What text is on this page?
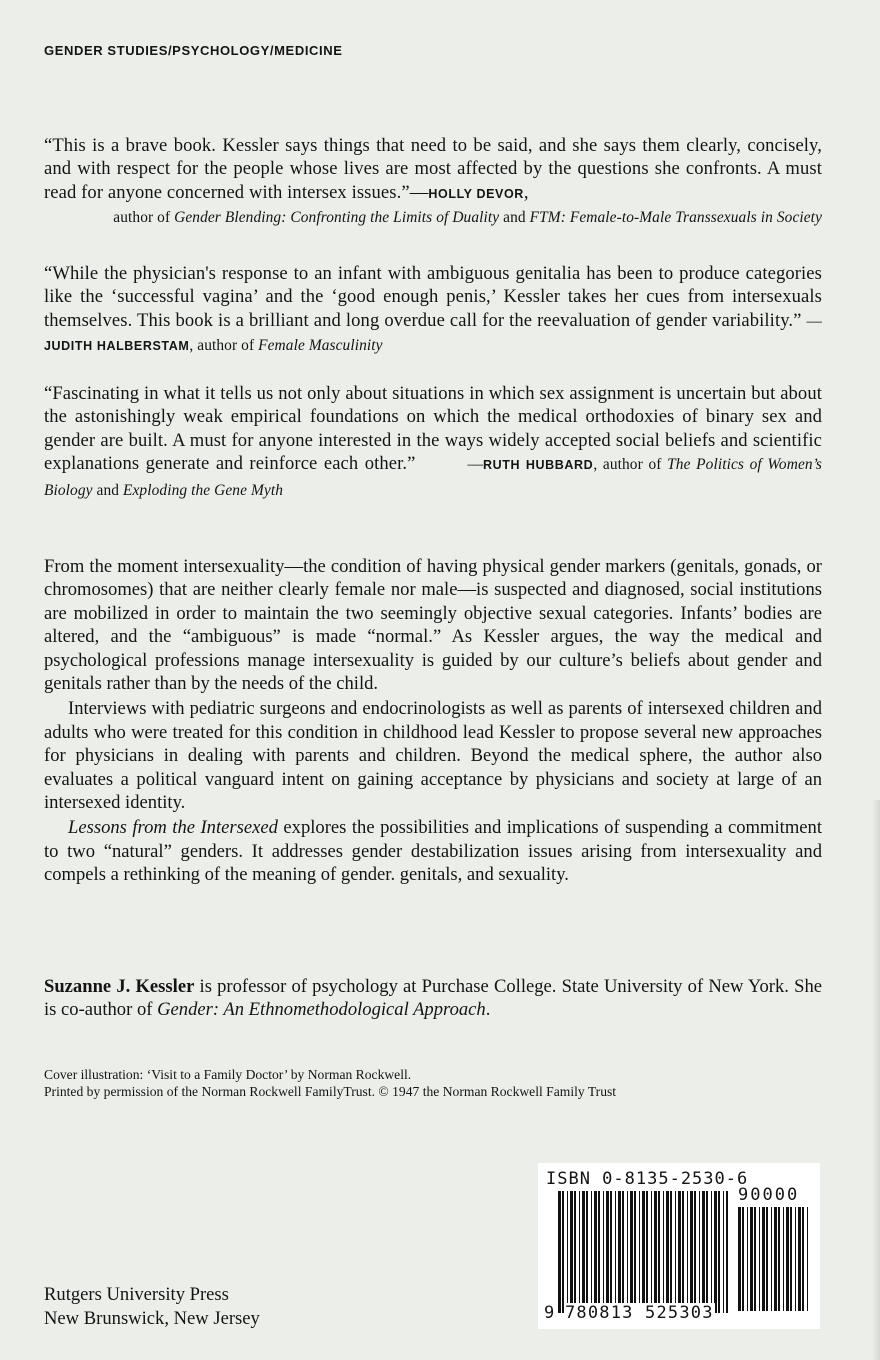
GENDER STUDIES/PSYCHOLOGY/MEDICINE
“This is a brave book. Kessler says things that need to be said, and she says them clearly, concisely, and with respect for the people whose lives are most affected by the questions she confronts. A must read for anyone concerned with intersex issues.”—HOLLY DEVOR,
author of Gender Blending: Confronting the Limits of Duality and FTM: Female-to-Male Transsexuals in Society
“While the physician's response to an infant with ambiguous genitalia has been to produce categories like the ‘successful vagina’ and the ‘good enough penis,’ Kessler takes her cues from intersexuals themselves. This book is a brilliant and long overdue call for the reevaluation of gender variability.” —JUDITH HALBERSTAM, author of Female Masculinity
“Fascinating in what it tells us not only about situations in which sex assignment is uncertain but about the astonishingly weak empirical foundations on which the medical orthodoxies of binary sex and gender are built. A must for anyone interested in the ways widely accepted social beliefs and scientific explanations generate and reinforce each other.”	—RUTH HUBBARD, author of The Politics of Women’s Biology and Exploding the Gene Myth

From the moment intersexuality—the condition of having physical gender markers (genitals, gonads, or chromosomes) that are neither clearly female nor male—is suspected and diagnosed, social institutions are mobilized in order to maintain the two seemingly objective sexual categories. Infants’ bodies are altered, and the “ambiguous” is made “normal.” As Kessler argues, the way the medical and psychological professions manage intersexuality is guided by our culture’s beliefs about gender and genitals rather than by the needs of the child.

Interviews with pediatric surgeons and endocrinologists as well as parents of intersexed children and adults who were treated for this condition in childhood lead Kessler to propose several new approaches for physicians in dealing with parents and children. Beyond the medical sphere, the author also evaluates a political vanguard intent on gaining acceptance by physicians and society at large of an intersexed identity.

Lessons from the Intersexed explores the possibilities and implications of suspending a commitment to two “natural” genders. It addresses gender destabilization issues arising from intersexuality and compels a rethinking of the meaning of gender. genitals, and sexuality.

Suzanne J. Kessler is professor of psychology at Purchase College. State University of New York. She is co-author of Gender: An Ethnomethodological Approach.
Cover illustration: ‘Visit to a Family Doctor’ by Norman Rockwell.
Printed by permission of the Norman Rockwell FamilyTrust. © 1947 the Norman Rockwell Family Trust
ISBN 0-8135-2530-6
90000
9 780813 525303
Rutgers University Press
New Brunswick, New Jersey
